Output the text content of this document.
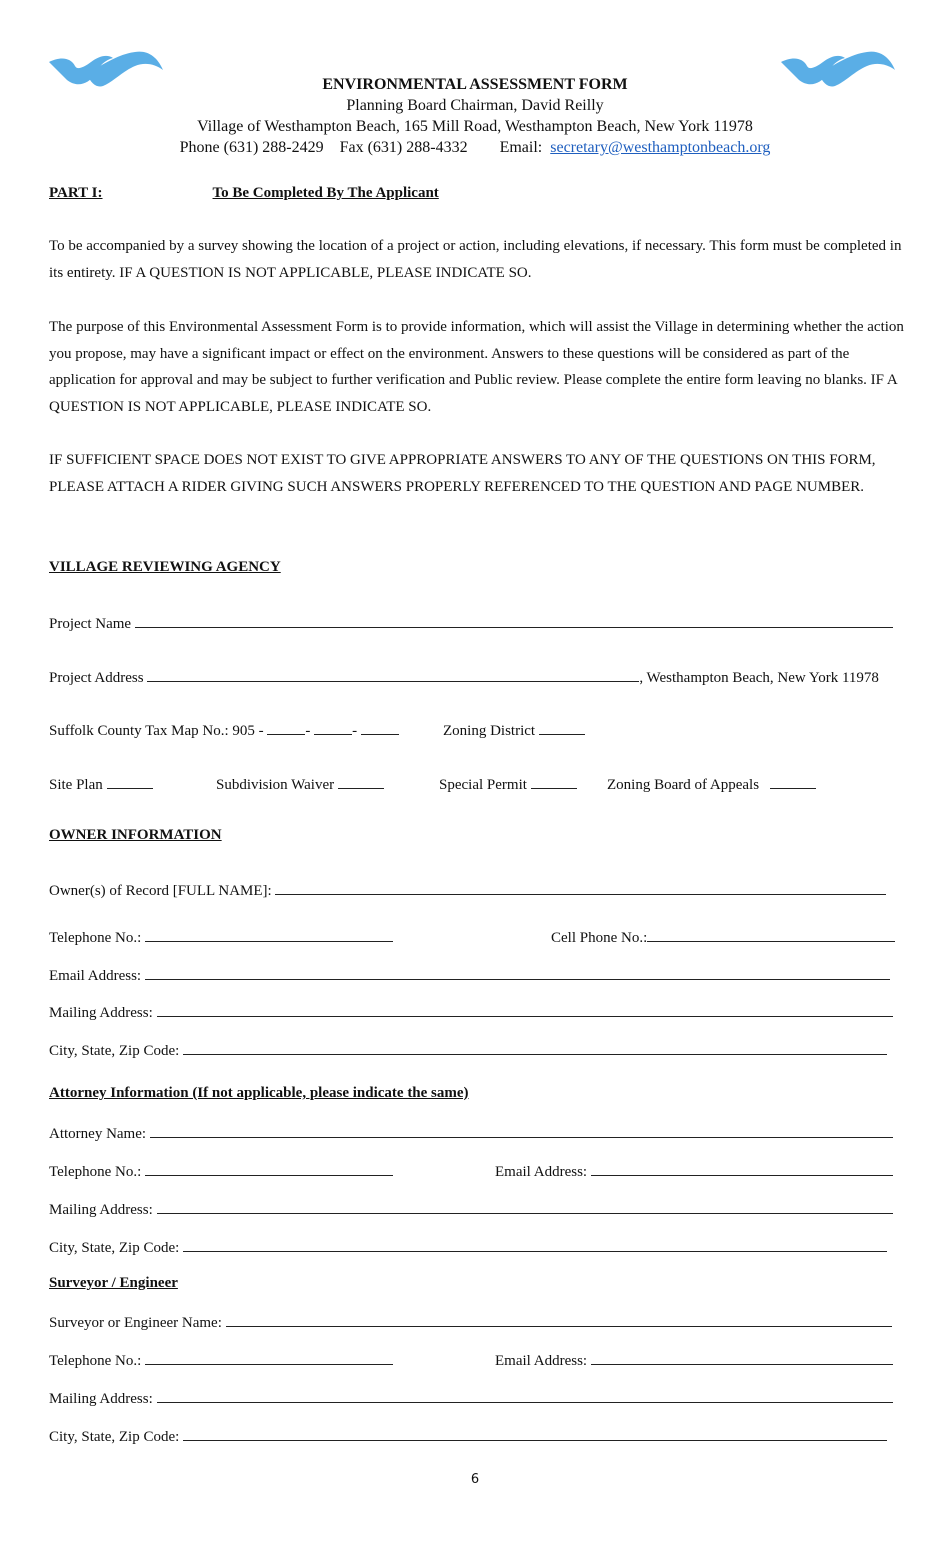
ENVIRONMENTAL ASSESSMENT FORM
Planning Board Chairman, David Reilly
Village of Westhampton Beach, 165 Mill Road, Westhampton Beach, New York 11978
Phone (631) 288-2429 Fax (631) 288-4332 Email: secretary@westhamptonbeach.org
PART I:	To Be Completed By The Applicant
To be accompanied by a survey showing the location of a project or action, including elevations, if necessary. This form must be completed in its entirety. IF A QUESTION IS NOT APPLICABLE, PLEASE INDICATE SO.
The purpose of this Environmental Assessment Form is to provide information, which will assist the Village in determining whether the action you propose, may have a significant impact or effect on the environment. Answers to these questions will be considered as part of the application for approval and may be subject to further verification and Public review. Please complete the entire form leaving no blanks. IF A QUESTION IS NOT APPLICABLE, PLEASE INDICATE SO.
IF SUFFICIENT SPACE DOES NOT EXIST TO GIVE APPROPRIATE ANSWERS TO ANY OF THE QUESTIONS ON THIS FORM, PLEASE ATTACH A RIDER GIVING SUCH ANSWERS PROPERLY REFERENCED TO THE QUESTION AND PAGE NUMBER.
VILLAGE REVIEWING AGENCY
Project Name
Project Address	, Westhampton Beach, New York 11978
Suffolk County Tax Map No.: 905 -	-	-	Zoning District
Site Plan	Subdivision Waiver	Special Permit	Zoning Board of Appeals
OWNER INFORMATION
Owner(s) of Record [FULL NAME]:
Telephone No.:	Cell Phone No.:
Email Address:
Mailing Address:
City, State, Zip Code:
Attorney Information (If not applicable, please indicate the same)
Attorney Name:
Telephone No.:	Email Address:
Mailing Address:
City, State, Zip Code:
Surveyor / Engineer
Surveyor or Engineer Name:
Telephone No.:	Email Address:
Mailing Address:
City, State, Zip Code:
6
